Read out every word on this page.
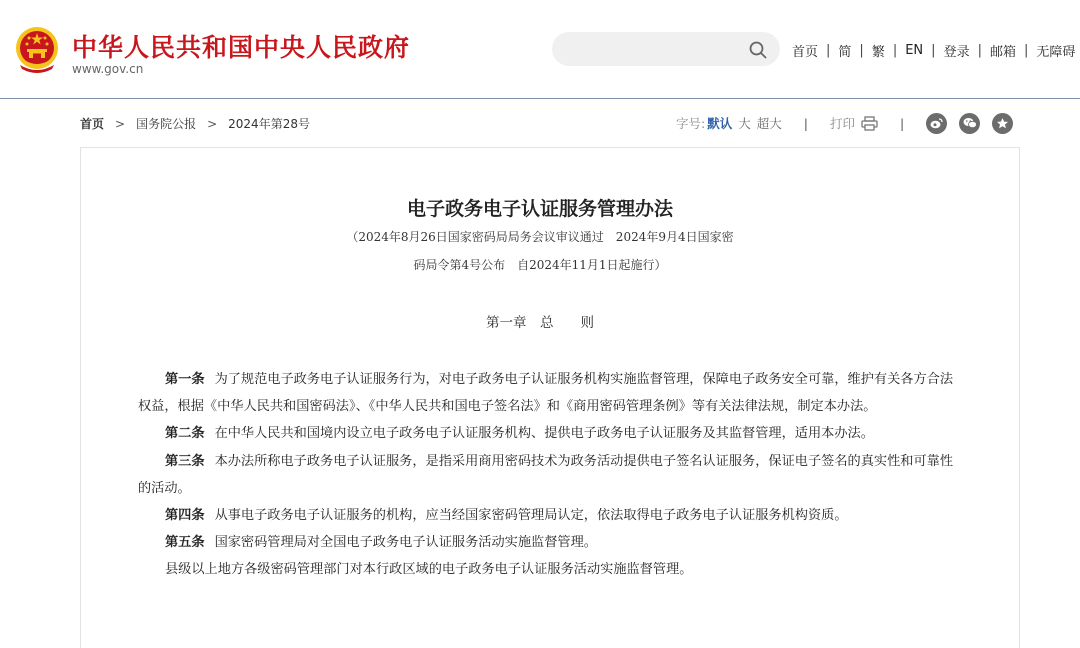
中华人民共和国中央人民政府
www.gov.cn
首页 | 简 | 繁 | EN | 登录 | 邮箱 | 无障碍
首页 > 国务院公报 > 2024年第28号	字号: 默认 大 超大 | 打印	|
电子政务电子认证服务管理办法
（2024年8月26日国家密码局局务会议审议通过　2024年9月4日国家密
码局令第4号公布　自2024年11月1日起施行）
第一章　总　　则

第一条 为了规范电子政务电子认证服务行为，对电子政务电子认证服务机构实施监督管理，保障电子政务安全可靠，维护有关各方合法权益，根据《中华人民共和国密码法》、《中华人民共和国电子签名法》和《商用密码管理条例》等有关法律法规，制定本办法。

第二条 在中华人民共和国境内设立电子政务电子认证服务机构、提供电子政务电子认证服务及其监督管理，适用本办法。

第三条 本办法所称电子政务电子认证服务，是指采用商用密码技术为政务活动提供电子签名认证服务，保证电子签名的真实性和可靠性的活动。

第四条 从事电子政务电子认证服务的机构，应当经国家密码管理局认定，依法取得电子政务电子认证服务机构资质。

第五条 国家密码管理局对全国电子政务电子认证服务活动实施监督管理。

县级以上地方各级密码管理部门对本行政区域的电子政务电子认证服务活动实施监督管理。
